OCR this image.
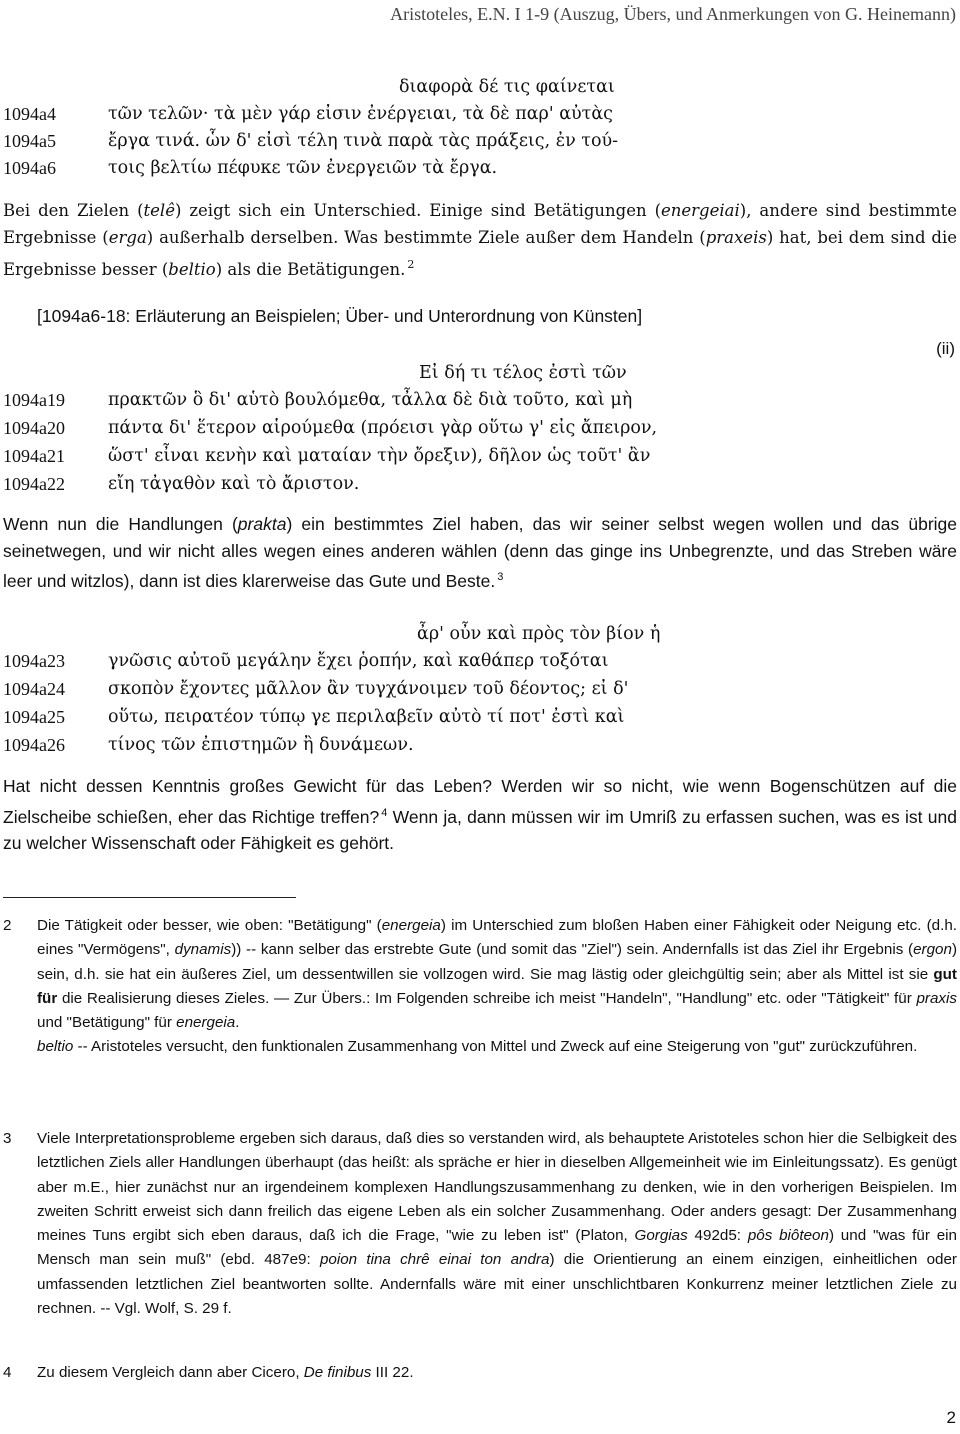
Aristoteles, E.N. I 1-9 (Auszug, Übers, und Anmerkungen von G. Heinemann)
διαφορὰ δέ τις φαίνεται
1094a4	τῶν τελῶν· τὰ μὲν γάρ εἰσιν ἐνέργειαι, τὰ δὲ παρ' αὐτὰς
1094a5	ἔργα τινά. ὧν δ' εἰσὶ τέλη τινὰ παρὰ τὰς πράξεις, ἐν τού-
1094a6	τοις βελτίω πέφυκε τῶν ἐνεργειῶν τὰ ἔργα.
Bei den Zielen (telê) zeigt sich ein Unterschied. Einige sind Betätigungen (energeiai), andere sind bestimmte Ergebnisse (erga) außerhalb derselben. Was bestimmte Ziele außer dem Handeln (praxeis) hat, bei dem sind die Ergebnisse besser (beltio) als die Betätigungen. $^2$
[1094a6-18: Erläuterung an Beispielen; Über- und Unterordnung von Künsten]
(ii)
Εἰ δή τι τέλος ἐστὶ τῶν
1094a19 πρακτῶν ὃ δι' αὑτὸ βουλόμεθα, τἆλλα δὲ διὰ τοῦτο, καὶ μὴ
1094a20 πάντα δι' ἕτερον αἱρούμεθα (πρόεισι γὰρ οὕτω γ' εἰς ἄπειρον,
1094a21 ὥστ' εἶναι κενὴν καὶ ματαίαν τὴν ὄρεξιν), δῆλον ὡς τοῦτ' ἂν
1094a22 εἴη τἀγαθὸν καὶ τὸ ἄριστον.
Wenn nun die Handlungen (prakta) ein bestimmtes Ziel haben, das wir seiner selbst wegen wollen und das übrige seinetwegen, und wir nicht alles wegen eines anderen wählen (denn das ginge ins Unbegrenzte, und das Streben wäre leer und witzlos), dann ist dies klarerweise das Gute und Beste. $^3$
ἆρ' οὖν καὶ πρὸς τὸν βίον ἡ
1094a23 γνῶσις αὐτοῦ μεγάλην ἔχει ῥοπήν, καὶ καθάπερ τοξόται
1094a24 σκοπὸν ἔχοντες μᾶλλον ἂν τυγχάνοιμεν τοῦ δέοντος; εἰ δ'
1094a25 οὕτω, πειρατέον τύπῳ γε περιλαβεῖν αὐτὸ τί ποτ' ἐστὶ καὶ
1094a26 τίνος τῶν ἐπιστημῶν ἢ δυνάμεων.
Hat nicht dessen Kenntnis großes Gewicht für das Leben? Werden wir so nicht, wie wenn Bogenschützen auf die Zielscheibe schießen, eher das Richtige treffen? $^4$ Wenn ja, dann müssen wir im Umriß zu erfassen suchen, was es ist und zu welcher Wissenschaft oder Fähigkeit es gehört.
2 Die Tätigkeit oder besser, wie oben: "Betätigung" (energeia) im Unterschied zum bloßen Haben einer Fähigkeit oder Neigung etc. (d.h. eines "Vermögens", dynamis)) -- kann selber das erstrebte Gute (und somit das "Ziel") sein. Andernfalls ist das Ziel ihr Ergebnis (ergon) sein, d.h. sie hat ein äußeres Ziel, um dessentwillen sie vollzogen wird. Sie mag lästig oder gleichgültig sein; aber als Mittel ist sie gut für die Realisierung dieses Zieles. — Zur Übers.: Im Folgenden schreibe ich meist "Handeln", "Handlung" etc. oder "Tätigkeit" für praxis und "Betätigung" für energeia.
beltio -- Aristoteles versucht, den funktionalen Zusammenhang von Mittel und Zweck auf eine Steigerung von "gut" zurückzuführen.
3 Viele Interpretationsprobleme ergeben sich daraus, daß dies so verstanden wird, als behauptete Aristoteles schon hier die Selbigkeit des letztlichen Ziels aller Handlungen überhaupt (das heißt: als spräche er hier in dieselben Allgemeinheit wie im Einleitungssatz). Es genügt aber m.E., hier zunächst nur an irgendeinem komplexen Handlungszusammenhang zu denken, wie in den vorherigen Beispielen. Im zweiten Schritt erweist sich dann freilich das eigene Leben als ein solcher Zusammenhang. Oder anders gesagt: Der Zusammenhang meines Tuns ergibt sich eben daraus, daß ich die Frage, "wie zu leben ist" (Platon, Gorgias 492d5: pôs biôteon) und "was für ein Mensch man sein muß" (ebd. 487e9: poion tina chrê einai ton andra) die Orientierung an einem einzigen, einheitlichen oder umfassenden letztlichen Ziel beantworten sollte. Andernfalls wäre mit einer unschlichtbaren Konkurrenz meiner letztlichen Ziele zu rechnen. -- Vgl. Wolf, S. 29 f.
4 Zu diesem Vergleich dann aber Cicero, De finibus III 22.
2
